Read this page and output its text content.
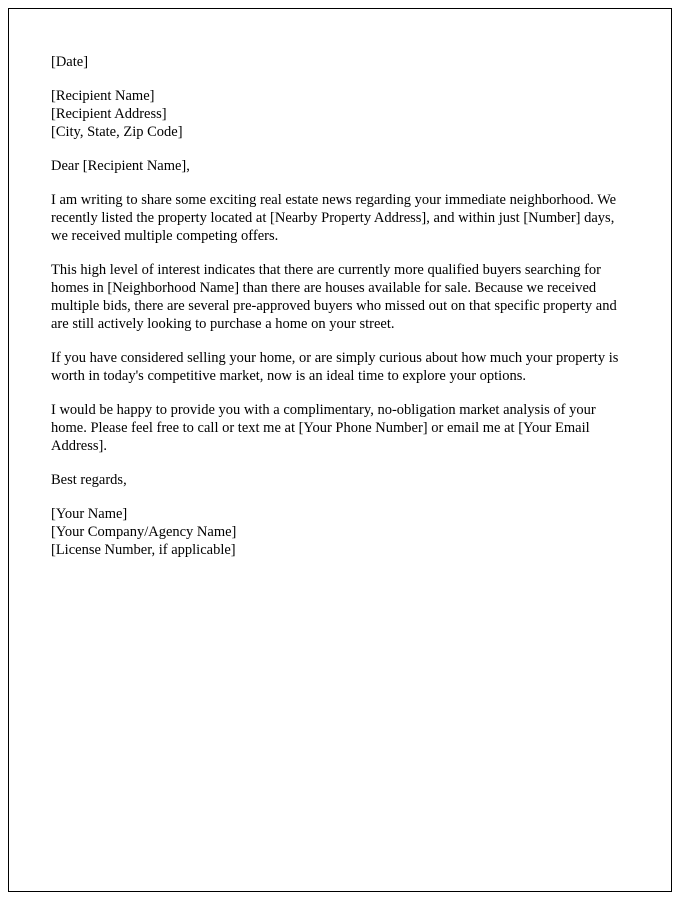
[Date]
[Recipient Name]
[Recipient Address]
[City, State, Zip Code]
Dear [Recipient Name],

I am writing to share some exciting real estate news regarding your immediate neighborhood. We recently listed the property located at [Nearby Property Address], and within just [Number] days, we received multiple competing offers.

This high level of interest indicates that there are currently more qualified buyers searching for homes in [Neighborhood Name] than there are houses available for sale. Because we received multiple bids, there are several pre-approved buyers who missed out on that specific property and are still actively looking to purchase a home on your street.

If you have considered selling your home, or are simply curious about how much your property is worth in today's competitive market, now is an ideal time to explore your options.

I would be happy to provide you with a complimentary, no-obligation market analysis of your home. Please feel free to call or text me at [Your Phone Number] or email me at [Your Email Address].

Best regards,
[Your Name]
[Your Company/Agency Name]
[License Number, if applicable]
